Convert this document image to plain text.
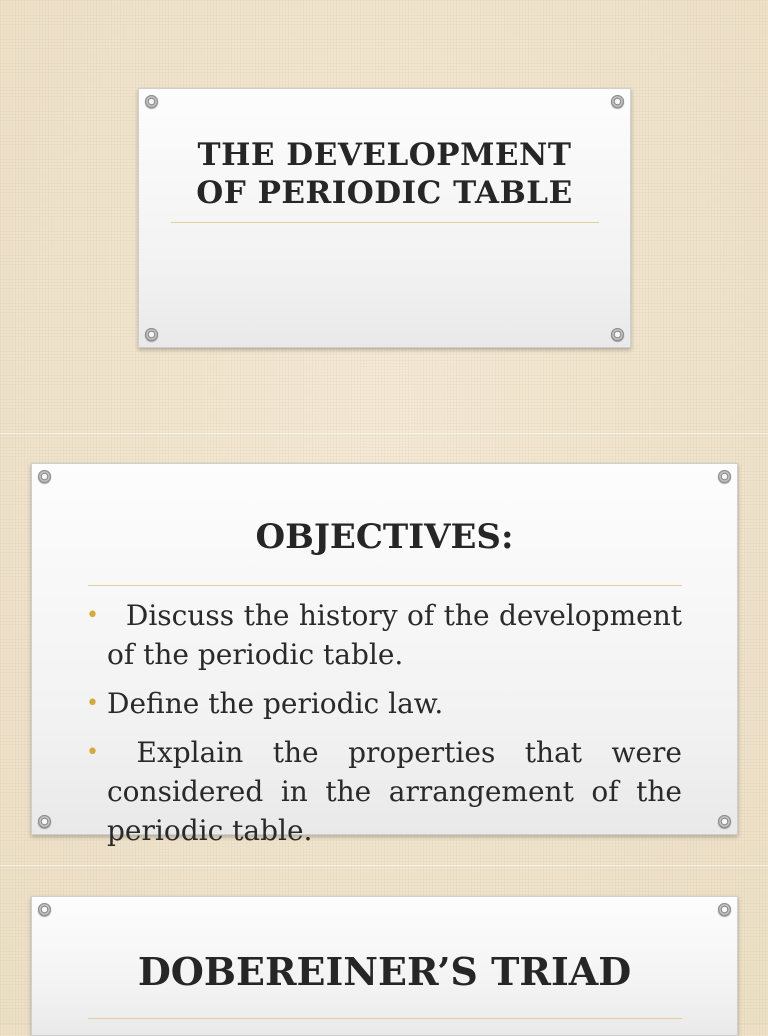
THE DEVELOPMENT
OF PERIODIC TABLE
OBJECTIVES:
• Discuss the history of the development of the periodic table.
• Define the periodic law.
• Explain the properties that were considered in the arrangement of the periodic table.
DOBEREINER’S TRIAD
